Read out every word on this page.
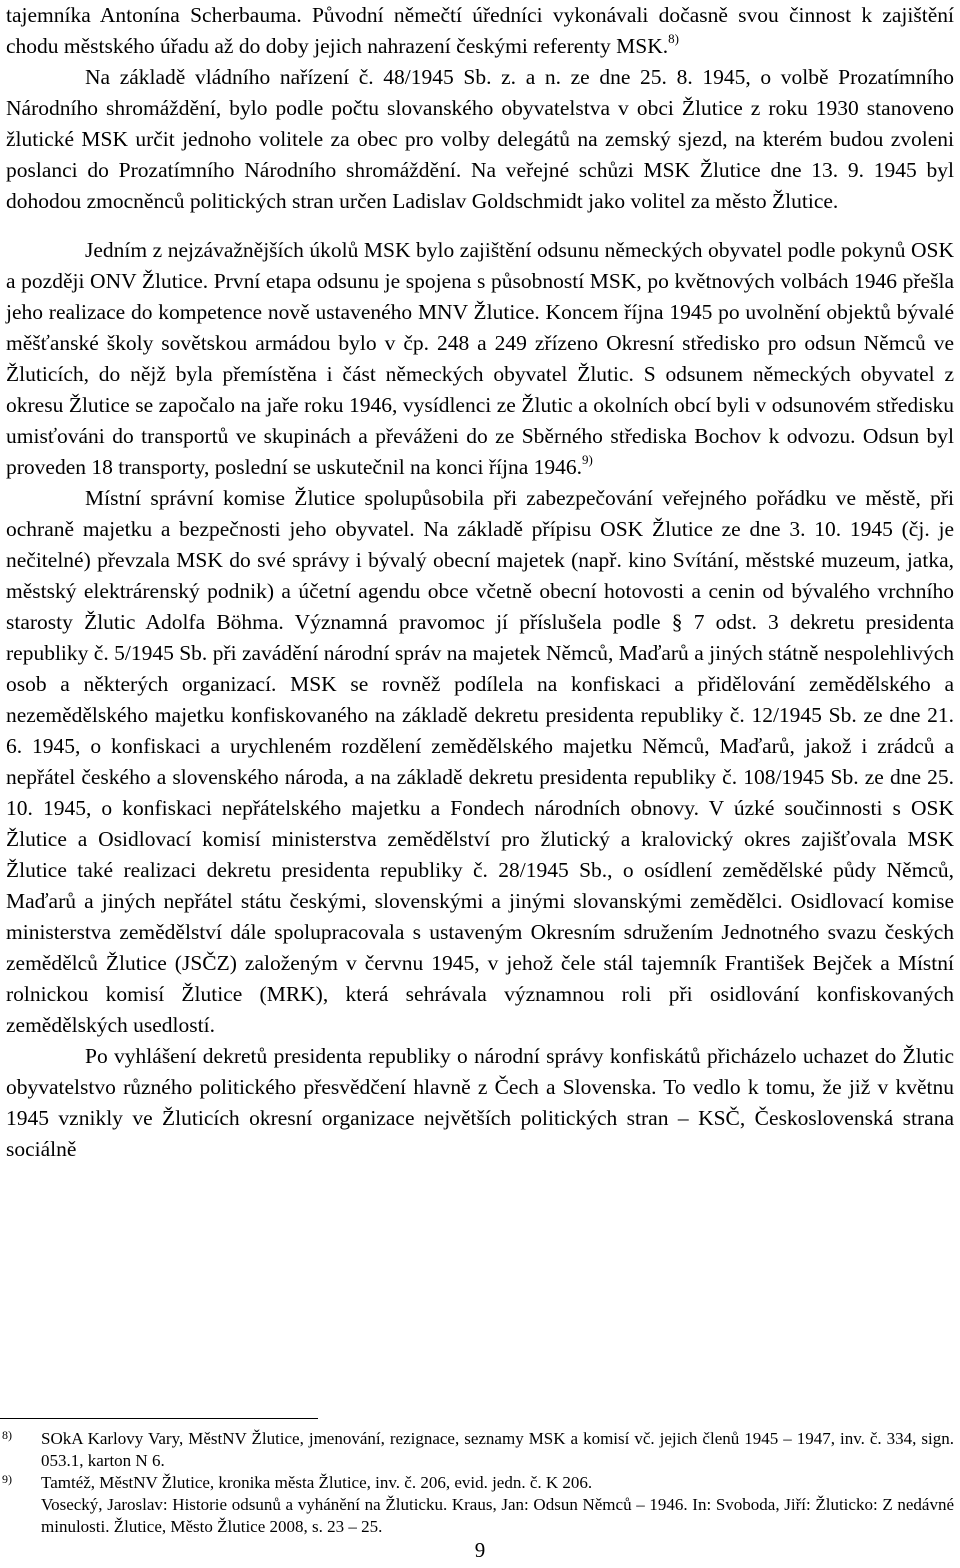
tajemníka Antonína Scherbauma. Původní němečtí úředníci vykonávali dočasně svou činnost k zajištění chodu městského úřadu až do doby jejich nahrazení českými referenty MSK.$^{8)}$

Na základě vládního nařízení č. 48/1945 Sb. z. a n. ze dne 25. 8. 1945, o volbě Prozatímního Národního shromáždění, bylo podle počtu slovanského obyvatelstva v obci Žlutice z roku 1930 stanoveno žlutické MSK určit jednoho volitele za obec pro volby delegátů na zemský sjezd, na kterém budou zvoleni poslanci do Prozatímního Národního shromáždění. Na veřejné schůzi MSK Žlutice dne 13. 9. 1945 byl dohodou zmocněnců politických stran určen Ladislav Goldschmidt jako volitel za město Žlutice.

Jedním z nejzávažnějších úkolů MSK bylo zajištění odsunu německých obyvatel podle pokynů OSK a později ONV Žlutice. První etapa odsunu je spojena s působností MSK, po květnových volbách 1946 přešla jeho realizace do kompetence nově ustaveného MNV Žlutice. Koncem října 1945 po uvolnění objektů bývalé měšťanské školy sovětskou armádou bylo v čp. 248 a 249 zřízeno Okresní středisko pro odsun Němců ve Žluticích, do nějž byla přemístěna i část německých obyvatel Žlutic. S odsunem německých obyvatel z okresu Žlutice se započalo na jaře roku 1946, vysídlenci ze Žlutic a okolních obcí byli v odsunovém středisku umisťováni do transportů ve skupinách a převáženi do ze Sběrného střediska Bochov k odvozu. Odsun byl proveden 18 transporty, poslední se uskutečnil na konci října 1946.$^{9)}$

Místní správní komise Žlutice spolupůsobila při zabezpečování veřejného pořádku ve městě, při ochraně majetku a bezpečnosti jeho obyvatel. Na základě přípisu OSK Žlutice ze dne 3. 10. 1945 (čj. je nečitelné) převzala MSK do své správy i bývalý obecní majetek (např. kino Svítání, městské muzeum, jatka, městský elektrárenský podnik) a účetní agendu obce včetně obecní hotovosti a cenin od bývalého vrchního starosty Žlutic Adolfa Böhma. Významná pravomoc jí příslušela podle § 7 odst. 3 dekretu presidenta republiky č. 5/1945 Sb. při zavádění národní správ na majetek Němců, Maďarů a jiných státně nespolehlivých osob a některých organizací. MSK se rovněž podílela na konfiskaci a přidělování zemědělského a nezemědělského majetku konfiskovaného na základě dekretu presidenta republiky č. 12/1945 Sb. ze dne 21. 6. 1945, o konfiskaci a urychleném rozdělení zemědělského majetku Němců, Maďarů, jakož i zrádců a nepřátel českého a slovenského národa, a na základě dekretu presidenta republiky č. 108/1945 Sb. ze dne 25. 10. 1945, o konfiskaci nepřátelského majetku a Fondech národních obnovy. V úzké součinnosti s OSK Žlutice a Osidlovací komisí ministerstva zemědělství pro žlutický a kralovický okres zajišťovala MSK Žlutice také realizaci dekretu presidenta republiky č. 28/1945 Sb., o osídlení zemědělské půdy Němců, Maďarů a jiných nepřátel státu českými, slovenskými a jinými slovanskými zemědělci. Osidlovací komise ministerstva zemědělství dále spolupracovala s ustaveným Okresním sdružením Jednotného svazu českých zemědělců Žlutice (JSČZ) založeným v červnu 1945, v jehož čele stál tajemník František Bejček a Místní rolnickou komisí Žlutice (MRK), která sehrávala významnou roli při osidlování konfiskovaných zemědělských usedlostí.

Po vyhlášení dekretů presidenta republiky o národní správy konfiskátů přicházelo uchazet do Žlutic obyvatelstvo různého politického přesvědčení hlavně z Čech a Slovenska. To vedlo k tomu, že již v květnu 1945 vznikly ve Žluticích okresní organizace největších politických stran – KSČ, Československá strana sociálně

8) SOkA Karlovy Vary, MěstNV Žlutice, jmenování, rezignace, seznamy MSK a komisí vč. jejich členů 1945 – 1947, inv. č. 334, sign. 053.1, karton N 6.
9) Tamtéž, MěstNV Žlutice, kronika města Žlutice, inv. č. 206, evid. jedn. č. K 206.
Vosecký, Jaroslav: Historie odsunů a vyhánění na Žluticku. Kraus, Jan: Odsun Němců – 1946. In: Svoboda, Jiří: Žluticko: Z nedávné minulosti. Žlutice, Město Žlutice 2008, s. 23 – 25.
9
